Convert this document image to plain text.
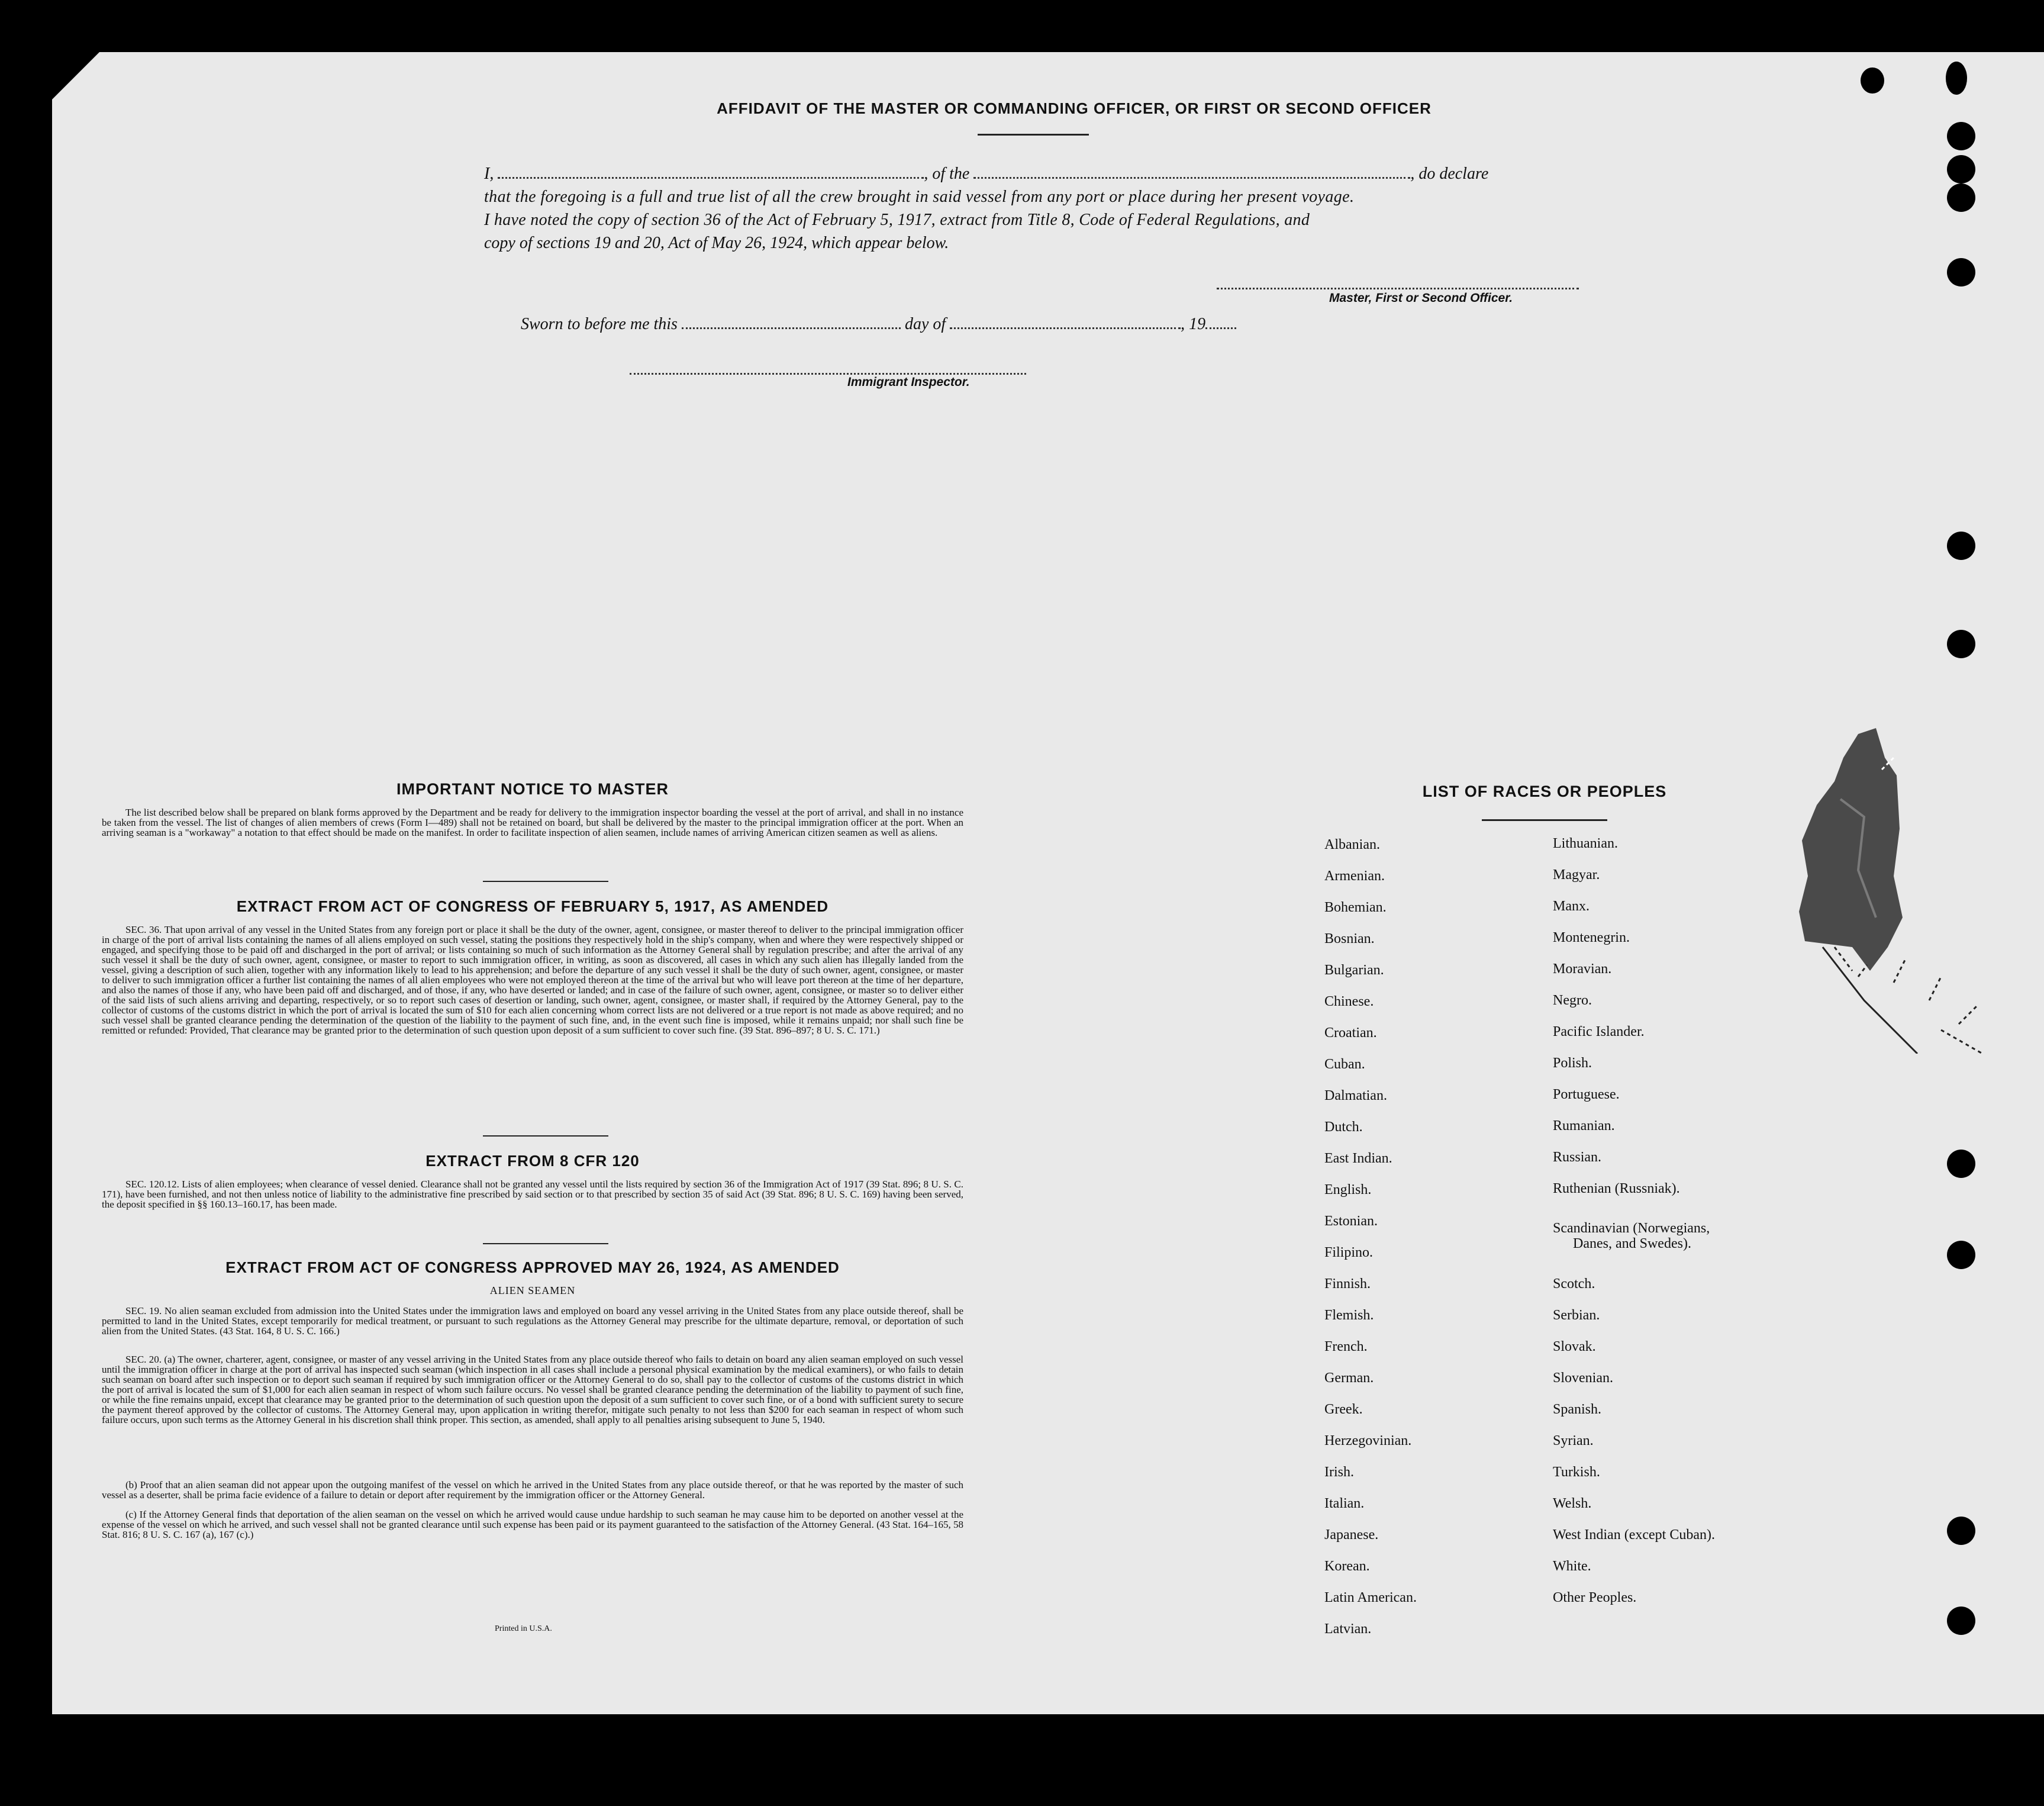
AFFIDAVIT OF THE MASTER OR COMMANDING OFFICER, OR FIRST OR SECOND OFFICER
I,	, of the	, do declare
that the foregoing is a full and true list of all the crew brought in said vessel from any port or place during her present voyage.
I have noted the copy of section 36 of the Act of February 5, 1917, extract from Title 8, Code of Federal Regulations, and
copy of sections 19 and 20, Act of May 26, 1924, which appear below.
Master, First or Second Officer.
Sworn to before me this	day of	, 19
Immigrant Inspector.
IMPORTANT NOTICE TO MASTER

The list described below shall be prepared on blank forms approved by the Department and be ready for delivery to the immigration inspector boarding the vessel at the port of arrival, and shall in no instance be taken from the vessel. The list of changes of alien members of crews (Form I—489) shall not be retained on board, but shall be delivered by the master to the principal immigration officer at the port. When an arriving seaman is a "workaway" a notation to that effect should be made on the manifest. In order to facilitate inspection of alien seamen, include names of arriving American citizen seamen as well as aliens.

EXTRACT FROM ACT OF CONGRESS OF FEBRUARY 5, 1917, AS AMENDED

SEC. 36. That upon arrival of any vessel in the United States from any foreign port or place it shall be the duty of the owner, agent, consignee, or master thereof to deliver to the principal immigration officer in charge of the port of arrival lists containing the names of all aliens employed on such vessel, stating the positions they respectively hold in the ship's company, when and where they were respectively shipped or engaged, and specifying those to be paid off and discharged in the port of arrival; or lists containing so much of such information as the Attorney General shall by regulation prescribe; and after the arrival of any such vessel it shall be the duty of such owner, agent, consignee, or master to report to such immigration officer, in writing, as soon as discovered, all cases in which any such alien has illegally landed from the vessel, giving a description of such alien, together with any information likely to lead to his apprehension; and before the departure of any such vessel it shall be the duty of such owner, agent, consignee, or master to deliver to such immigration officer a further list containing the names of all alien employees who were not employed thereon at the time of the arrival but who will leave port thereon at the time of her departure, and also the names of those if any, who have been paid off and discharged, and of those, if any, who have deserted or landed; and in case of the failure of such owner, agent, consignee, or master so to deliver either of the said lists of such aliens arriving and departing, respectively, or so to report such cases of desertion or landing, such owner, agent, consignee, or master shall, if required by the Attorney General, pay to the collector of customs of the customs district in which the port of arrival is located the sum of $10 for each alien concerning whom correct lists are not delivered or a true report is not made as above required; and no such vessel shall be granted clearance pending the determination of the question of the liability to the payment of such fine, and, in the event such fine is imposed, while it remains unpaid; nor shall such fine be remitted or refunded: Provided, That clearance may be granted prior to the determination of such question upon deposit of a sum sufficient to cover such fine. (39 Stat. 896–897; 8 U. S. C. 171.)

EXTRACT FROM 8 CFR 120

SEC. 120.12. Lists of alien employees; when clearance of vessel denied. Clearance shall not be granted any vessel until the lists required by section 36 of the Immigration Act of 1917 (39 Stat. 896; 8 U. S. C. 171), have been furnished, and not then unless notice of liability to the administrative fine prescribed by said section or to that prescribed by section 35 of said Act (39 Stat. 896; 8 U. S. C. 169) having been served, the deposit specified in §§ 160.13–160.17, has been made.

EXTRACT FROM ACT OF CONGRESS APPROVED MAY 26, 1924, AS AMENDED
ALIEN SEAMEN

SEC. 19. No alien seaman excluded from admission into the United States under the immigration laws and employed on board any vessel arriving in the United States from any place outside thereof, shall be permitted to land in the United States, except temporarily for medical treatment, or pursuant to such regulations as the Attorney General may prescribe for the ultimate departure, removal, or deportation of such alien from the United States. (43 Stat. 164, 8 U. S. C. 166.)

SEC. 20. (a) The owner, charterer, agent, consignee, or master of any vessel arriving in the United States from any place outside thereof who fails to detain on board any alien seaman employed on such vessel until the immigration officer in charge at the port of arrival has inspected such seaman (which inspection in all cases shall include a personal physical examination by the medical examiners), or who fails to detain such seaman on board after such inspection or to deport such seaman if required by such immigration officer or the Attorney General to do so, shall pay to the collector of customs of the customs district in which the port of arrival is located the sum of $1,000 for each alien seaman in respect of whom such failure occurs. No vessel shall be granted clearance pending the determination of the liability to payment of such fine, or while the fine remains unpaid, except that clearance may be granted prior to the determination of such question upon the deposit of a sum sufficient to cover such fine, or of a bond with sufficient surety to secure the payment thereof approved by the collector of customs. The Attorney General may, upon application in writing therefor, mitigate such penalty to not less than $200 for each seaman in respect of whom such failure occurs, upon such terms as the Attorney General in his discretion shall think proper. This section, as amended, shall apply to all penalties arising subsequent to June 5, 1940.

(b) Proof that an alien seaman did not appear upon the outgoing manifest of the vessel on which he arrived in the United States from any place outside thereof, or that he was reported by the master of such vessel as a deserter, shall be prima facie evidence of a failure to detain or deport after requirement by the immigration officer or the Attorney General.

(c) If the Attorney General finds that deportation of the alien seaman on the vessel on which he arrived would cause undue hardship to such seaman he may cause him to be deported on another vessel at the expense of the vessel on which he arrived, and such vessel shall not be granted clearance until such expense has been paid or its payment guaranteed to the satisfaction of the Attorney General. (43 Stat. 164–165, 58 Stat. 816; 8 U. S. C. 167 (a), 167 (c).)

Printed in U.S.A.
LIST OF RACES OR PEOPLES
Albanian.
Armenian.
Bohemian.
Bosnian.
Bulgarian.
Chinese.
Croatian.
Cuban.
Dalmatian.
Dutch.
East Indian.
English.
Estonian.
Filipino.
Finnish.
Flemish.
French.
German.
Greek.
Herzegovinian.
Irish.
Italian.
Japanese.
Korean.
Latin American.
Latvian.
Lithuanian.
Magyar.
Manx.
Montenegrin.
Moravian.
Negro.
Pacific Islander.
Polish.
Portuguese.
Rumanian.
Russian.
Ruthenian (Russniak).
Scandinavian (Norwegians,
Danes, and Swedes).
Scotch.
Serbian.
Slovak.
Slovenian.
Spanish.
Syrian.
Turkish.
Welsh.
West Indian (except Cuban).
White.
Other Peoples.
